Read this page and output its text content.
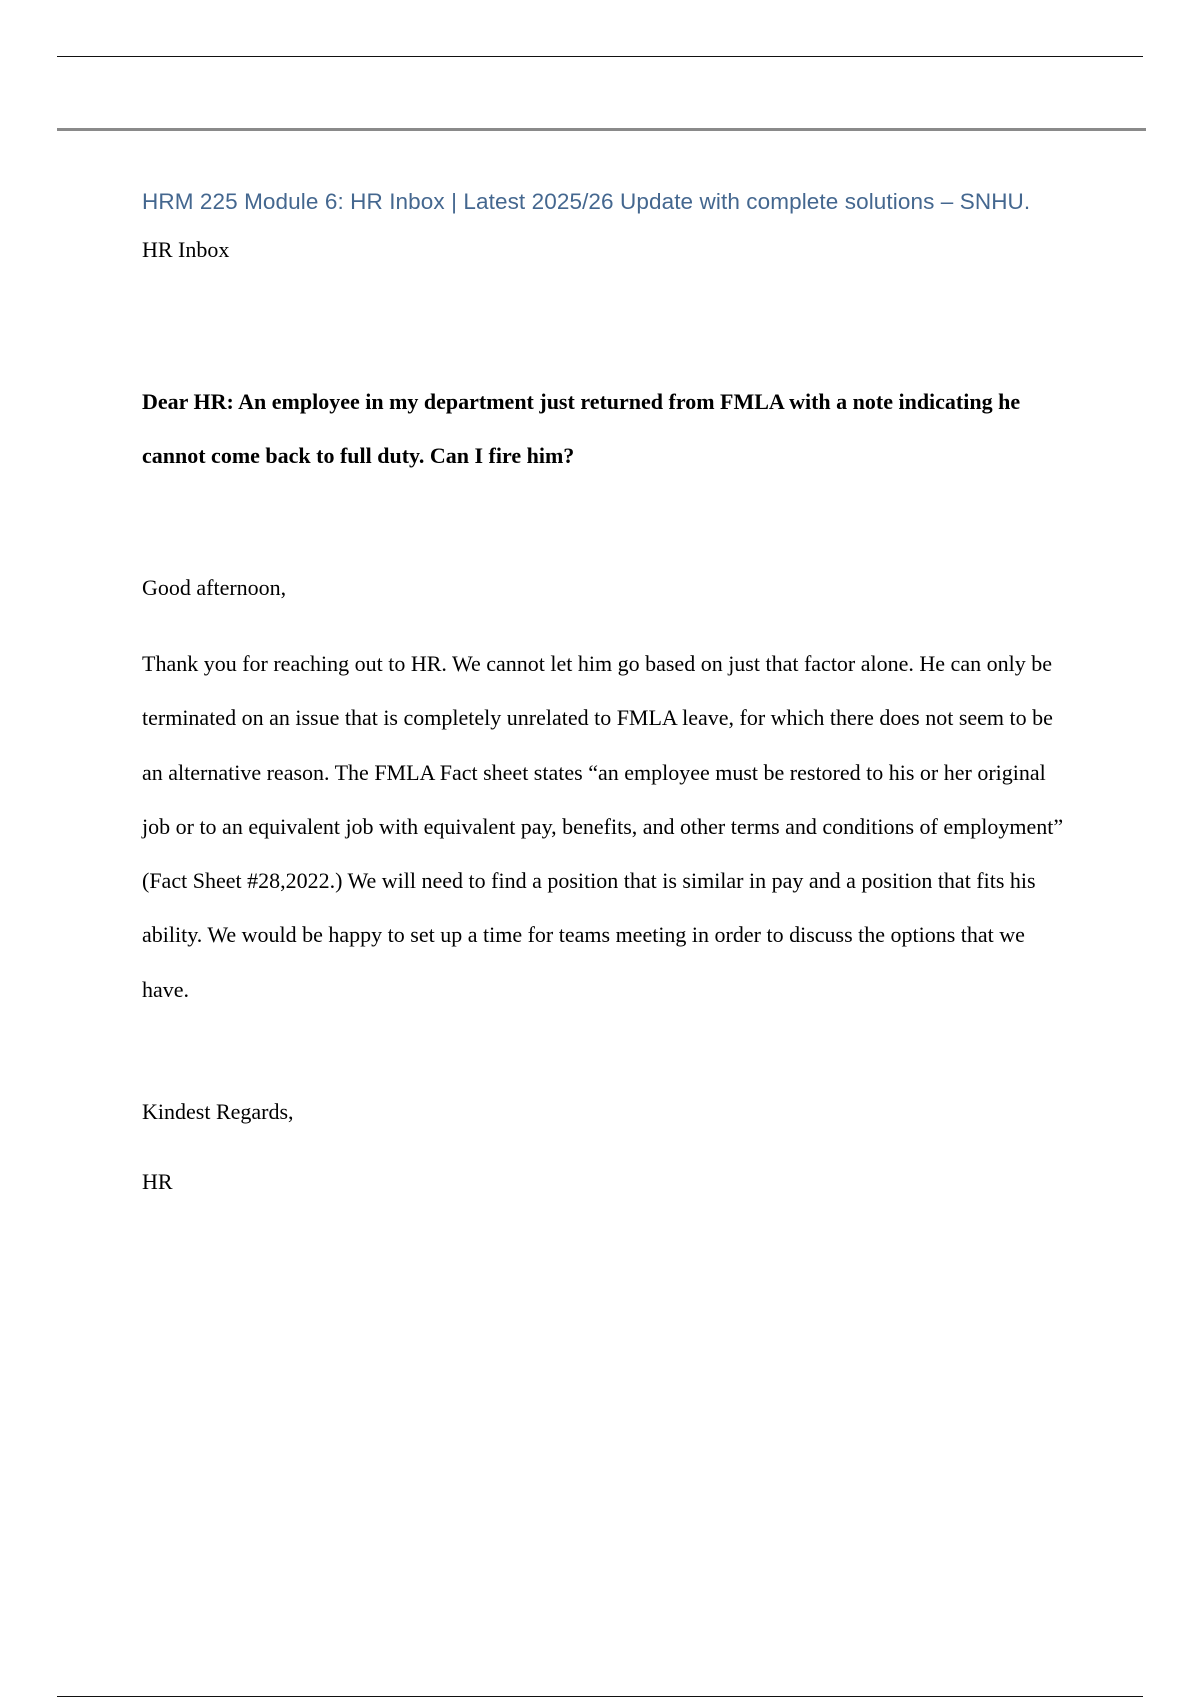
HRM 225 Module 6: HR Inbox | Latest 2025/26 Update with complete solutions – SNHU.

HR Inbox

Dear HR: An employee in my department just returned from FMLA with a note indicating he cannot come back to full duty. Can I fire him?

Good afternoon,

Thank you for reaching out to HR. We cannot let him go based on just that factor alone. He can only be terminated on an issue that is completely unrelated to FMLA leave, for which there does not seem to be an alternative reason. The FMLA Fact sheet states “an employee must be restored to his or her original job or to an equivalent job with equivalent pay, benefits, and other terms and conditions of employment” (Fact Sheet #28,2022.) We will need to find a position that is similar in pay and a position that fits his ability. We would be happy to set up a time for teams meeting in order to discuss the options that we have.

Kindest Regards,

HR
